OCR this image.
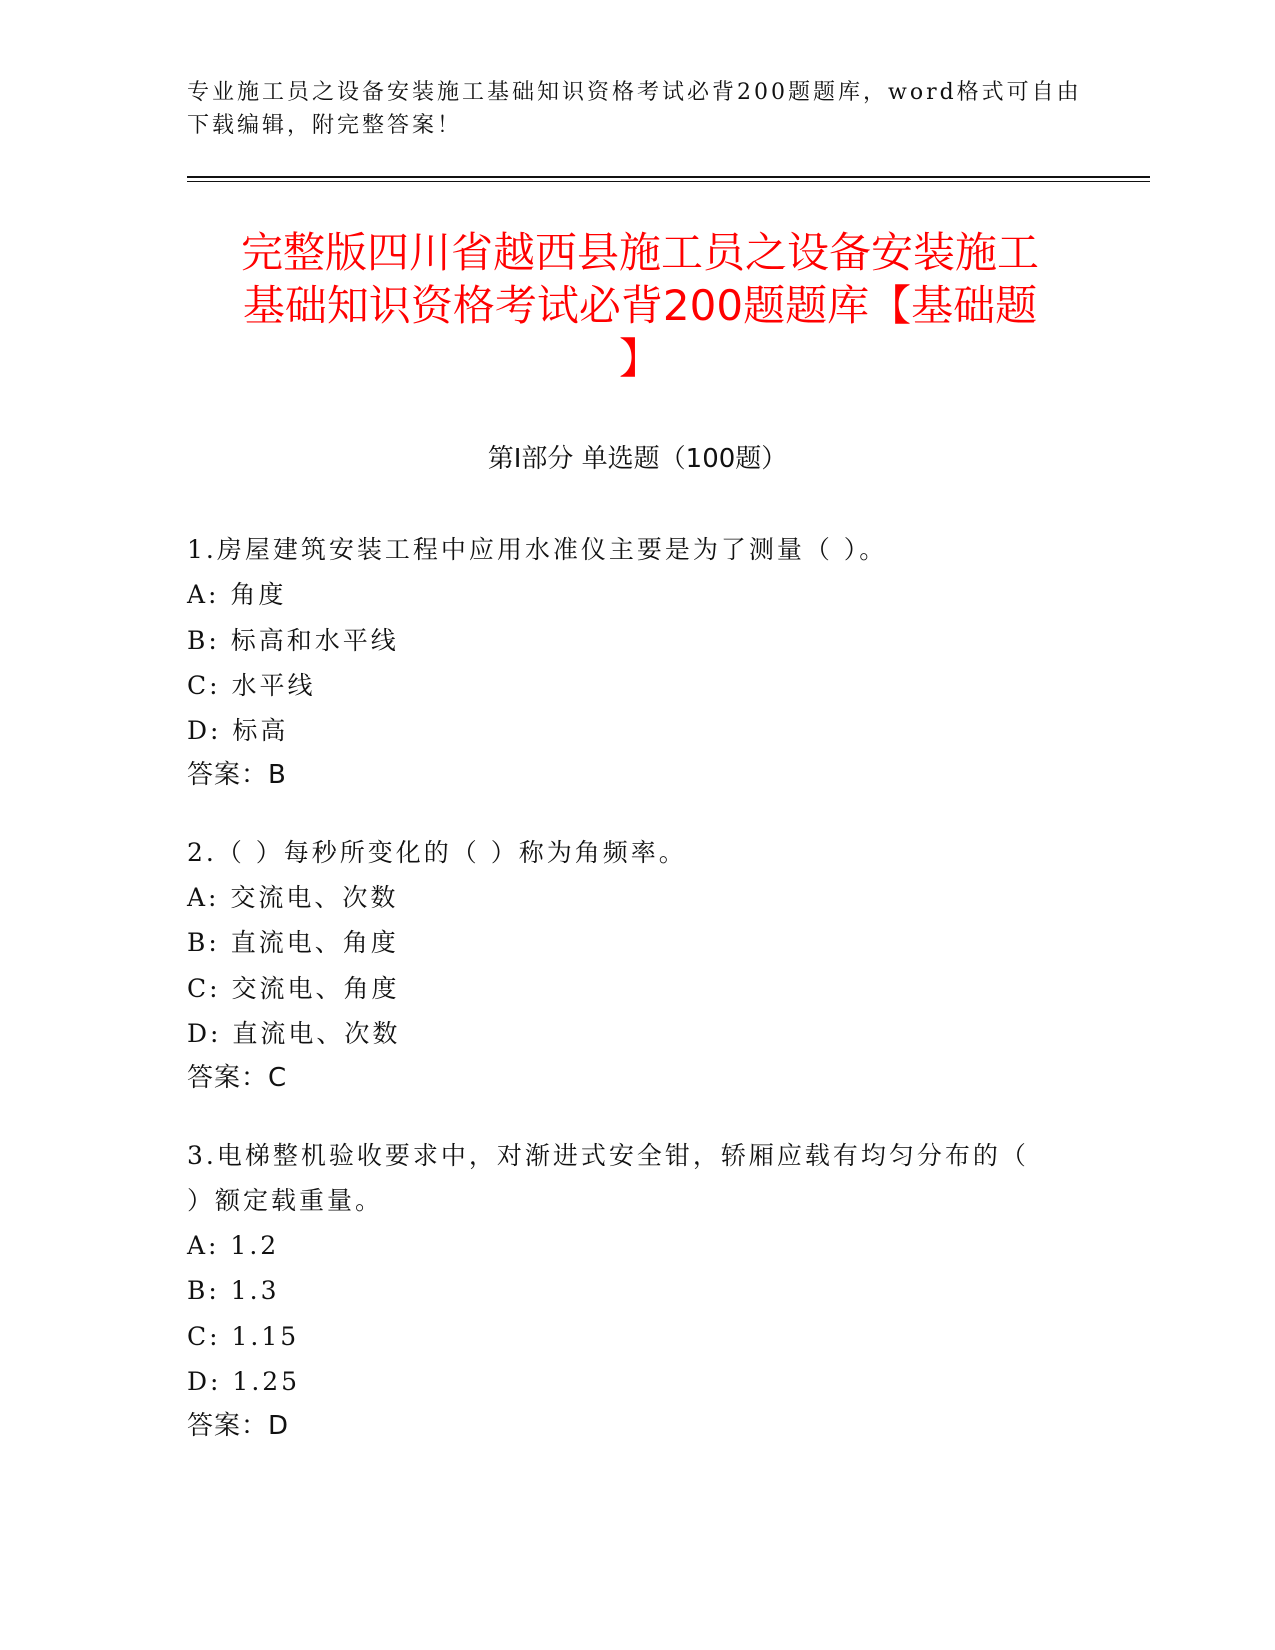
专业施工员之设备安装施工基础知识资格考试必背200题题库，word格式可自由
下载编辑，附完整答案！
完整版四川省越西县施工员之设备安装施工
基础知识资格考试必背200题题库【基础题
】
第Ⅰ部分 单选题（100题）
1.房屋建筑安装工程中应用水准仪主要是为了测量（ ）。
A: 角度
B: 标高和水平线
C: 水平线
D: 标高
答案：B
2.（ ）每秒所变化的（ ）称为角频率。
A: 交流电、次数
B: 直流电、角度
C: 交流电、角度
D: 直流电、次数
答案：C
3.电梯整机验收要求中，对渐进式安全钳，轿厢应载有均匀分布的（
）额定载重量。
A: 1.2
B: 1.3
C: 1.15
D: 1.25
答案：D
